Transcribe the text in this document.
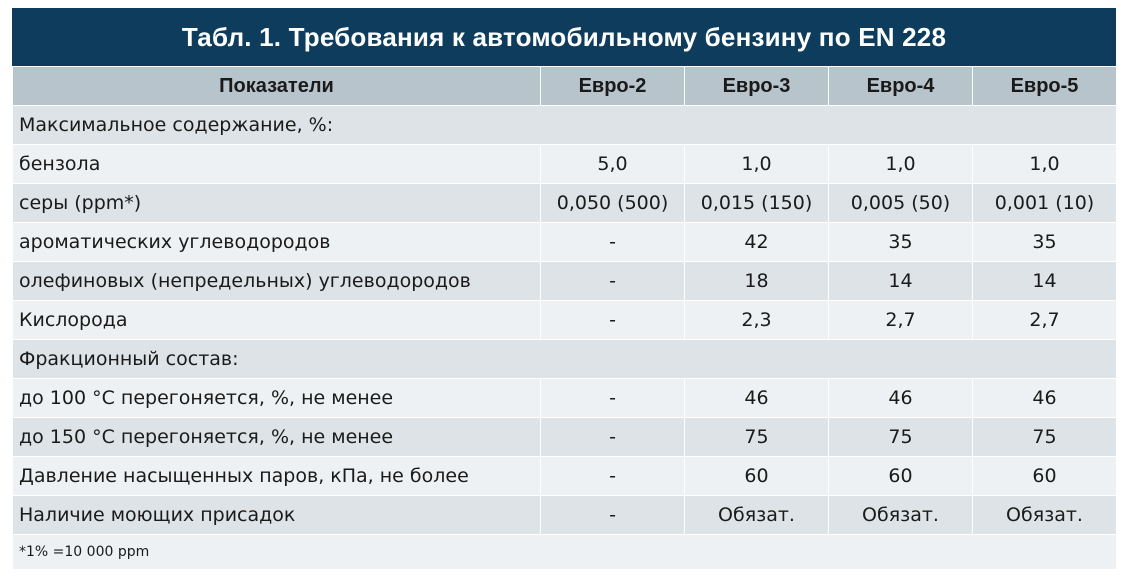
Табл. 1. Требования к автомобильному бензину по EN 228
Показатели	Евро-2	Евро-3	Евро-4	Евро-5
Максимальное содержание, %:				
бензола	5,0	1,0	1,0	1,0
серы (ppm*)	0,050 (500)	0,015 (150)	0,005 (50)	0,001 (10)
ароматических углеводородов	-	42	35	35
олефиновых (непредельных) углеводородов	-	18	14	14
Кислорода	-	2,3	2,7	2,7
Фракционный состав:				
до 100 °С перегоняется, %, не менее	-	46	46	46
до 150 °С перегоняется, %, не менее	-	75	75	75
Давление насыщенных паров, кПа, не более	-	60	60	60
Наличие моющих присадок	-	Обязат.	Обязат.	Обязат.
*1% =10 000 ppm				
